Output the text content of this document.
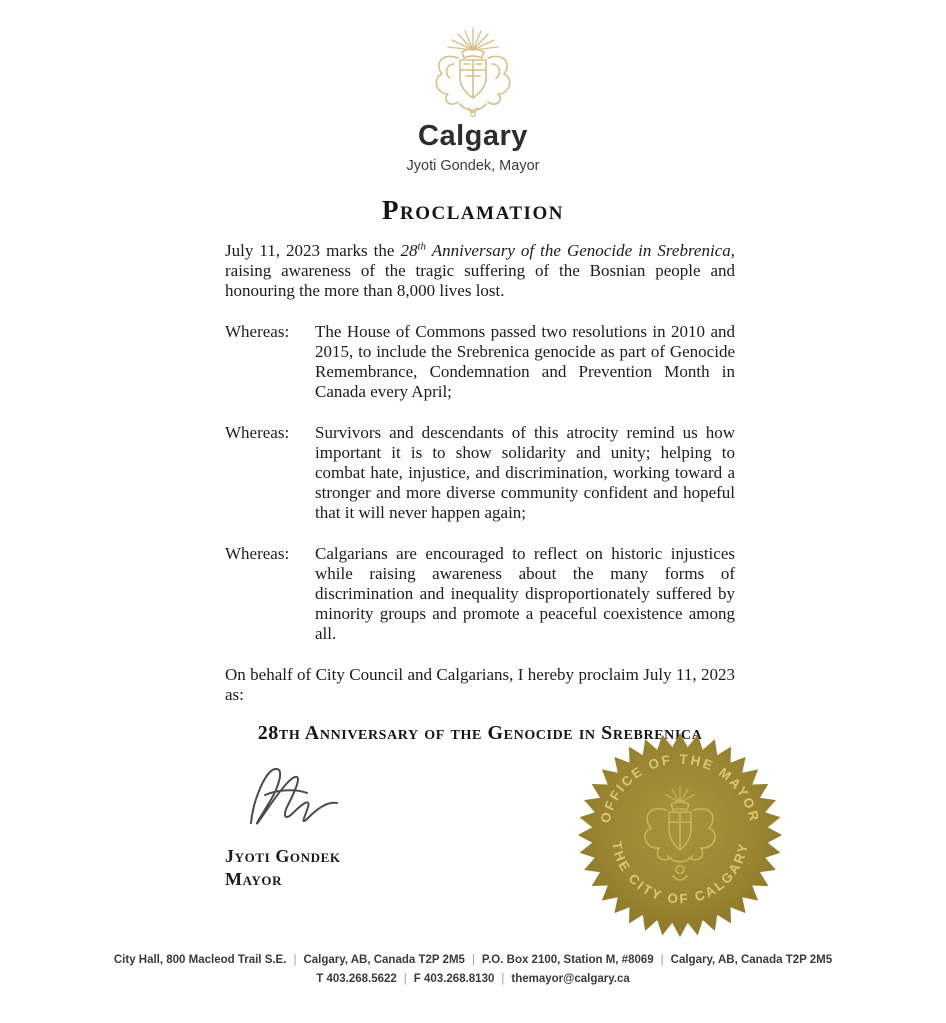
Calgary
Jyoti Gondek, Mayor
Proclamation

July 11, 2023 marks the 28th Anniversary of the Genocide in Srebrenica, raising awareness of the tragic suffering of the Bosnian people and honouring the more than 8,000 lives lost.

Whereas:	The House of Commons passed two resolutions in 2010 and 2015, to include the Srebrenica genocide as part of Genocide Remembrance, Condemnation and Prevention Month in Canada every April;
Whereas:	Survivors and descendants of this atrocity remind us how important it is to show solidarity and unity; helping to combat hate, injustice, and discrimination, working toward a stronger and more diverse community confident and hopeful that it will never happen again;
Whereas:	Calgarians are encouraged to reflect on historic injustices while raising awareness about the many forms of discrimination and inequality disproportionately suffered by minority groups and promote a peaceful coexistence among all.

On behalf of City Council and Calgarians, I hereby proclaim July 11, 2023 as:

28th Anniversary of the Genocide in Srebrenica
Jyoti Gondek
Mayor
OFFICE OF THE MAYOR
THE CITY OF CALGARY
City Hall, 800 Macleod Trail S.E. | Calgary, AB, Canada T2P 2M5 | P.O. Box 2100, Station M, #8069 | Calgary, AB, Canada T2P 2M5
T 403.268.5622 | F 403.268.8130 | themayor@calgary.ca
